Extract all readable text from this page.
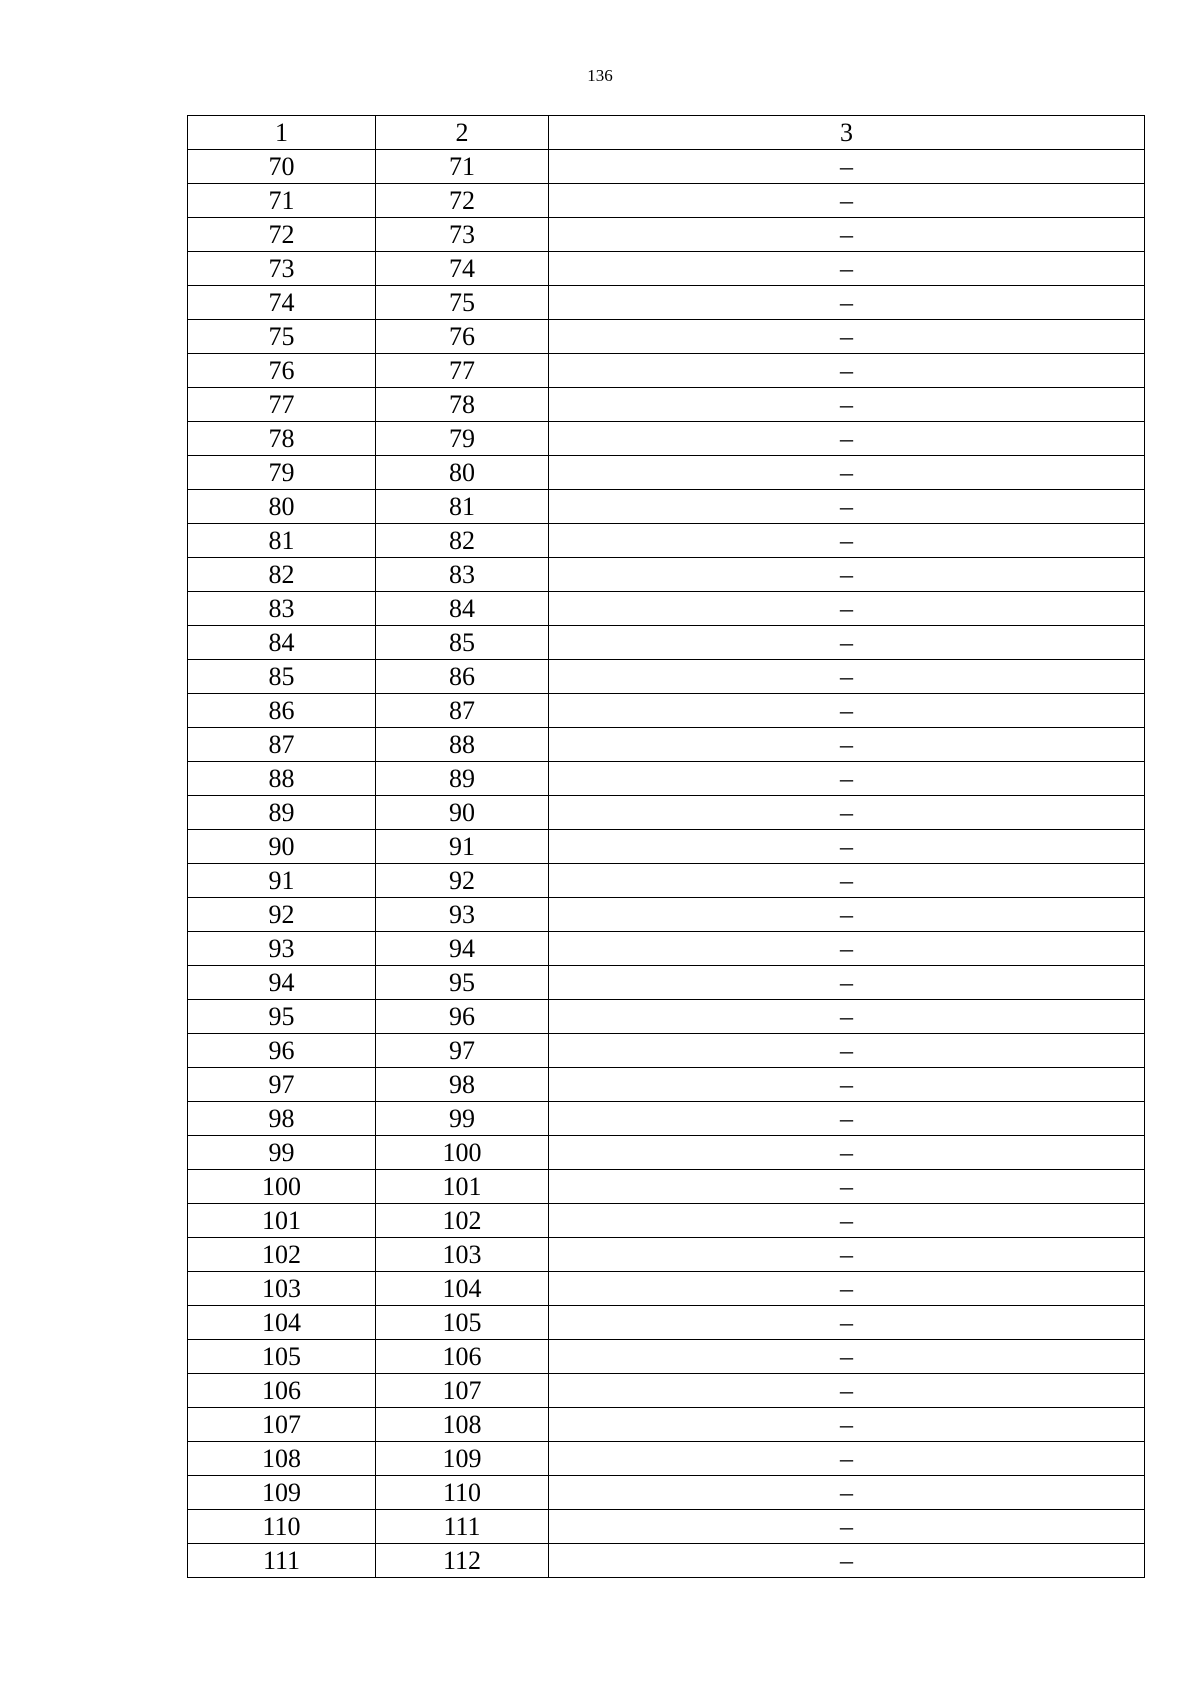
136
1	2	3
70	71	–
71	72	–
72	73	–
73	74	–
74	75	–
75	76	–
76	77	–
77	78	–
78	79	–
79	80	–
80	81	–
81	82	–
82	83	–
83	84	–
84	85	–
85	86	–
86	87	–
87	88	–
88	89	–
89	90	–
90	91	–
91	92	–
92	93	–
93	94	–
94	95	–
95	96	–
96	97	–
97	98	–
98	99	–
99	100	–
100	101	–
101	102	–
102	103	–
103	104	–
104	105	–
105	106	–
106	107	–
107	108	–
108	109	–
109	110	–
110	111	–
111	112	–
